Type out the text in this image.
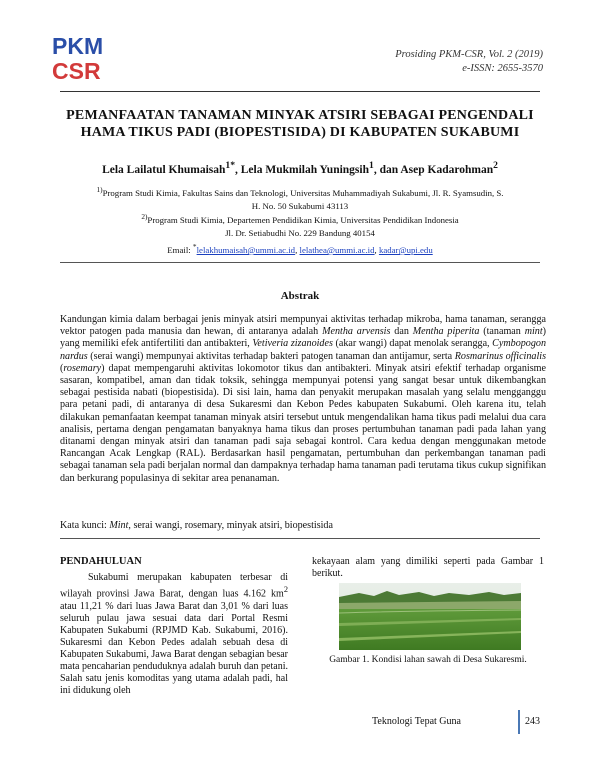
PKM
CSR
Prosiding PKM-CSR, Vol. 2 (2019)
e-ISSN: 2655-3570
PEMANFAATAN TANAMAN MINYAK ATSIRI SEBAGAI PENGENDALI
HAMA TIKUS PADI (BIOPESTISIDA) DI KABUPATEN SUKABUMI
Lela Lailatul Khumaisah$^{1*}$, Lela Mukmilah Yuningsih$^1$, dan Asep Kadarohman$^2$
$^{1)}$Program Studi Kimia, Fakultas Sains dan Teknologi, Universitas Muhammadiyah Sukabumi, Jl. R. Syamsudin, S.
H. No. 50 Sukabumi 43113
$^{2)}$Program Studi Kimia, Departemen Pendidikan Kimia, Universitas Pendidikan Indonesia
Jl. Dr. Setiabudhi No. 229 Bandung 40154
Email: *lelakhumaisah@ummi.ac.id, lelathea@ummi.ac.id, kadar@upi.edu
Abstrak

Kandungan kimia dalam berbagai jenis minyak atsiri mempunyai aktivitas terhadap mikroba, hama tanaman, serangga vektor patogen pada manusia dan hewan, di antaranya adalah Mentha arvensis dan Mentha piperita (tanaman mint) yang memiliki efek antifertiliti dan antibakteri, Vetiveria zizanoides (akar wangi) dapat menolak serangga, Cymbopogon nardus (serai wangi) mempunyai aktivitas terhadap bakteri patogen tanaman dan antijamur, serta Rosmarinus officinalis (rosemary) dapat mempengaruhi aktivitas lokomotor tikus dan antibakteri. Minyak atsiri efektif terhadap organisme sasaran, kompatibel, aman dan tidak toksik, sehingga mempunyai potensi yang sangat besar untuk dikembangkan sebagai pestisida nabati (biopestisida). Di sisi lain, hama dan penyakit merupakan masalah yang selalu mengganggu para petani padi, di antaranya di desa Sukaresmi dan Kebon Pedes kabupaten Sukabumi. Oleh karena itu, telah dilakukan pemanfaatan keempat tanaman minyak atsiri tersebut untuk mengendalikan hama tikus padi melalui dua cara analisis, pertama dengan pengamatan banyaknya hama tikus dan proses pertumbuhan tanaman padi pada lahan yang ditanami dengan minyak atsiri dan tanaman padi saja sebagai kontrol. Cara kedua dengan menggunakan metode Rancangan Acak Lengkap (RAL). Berdasarkan hasil pengamatan, pertumbuhan dan perkembangan tanaman padi sebagai tanaman sela padi berjalan normal dan dampaknya terhadap hama tanaman padi terutama tikus cukup signifikan dan berkurang populasinya di sekitar area penanaman.

Kata kunci: Mint, serai wangi, rosemary, minyak atsiri, biopestisida
PENDAHULUAN

Sukabumi merupakan kabupaten terbesar di wilayah provinsi Jawa Barat, dengan luas 4.162 $km^2$ atau 11,21 % dari luas Jawa Barat dan 3,01 % dari luas seluruh pulau jawa sesuai data dari Portal Resmi Kabupaten Sukabumi (RPJMD Kab. Sukabumi, 2016). Sukaresmi dan Kebon Pedes adalah sebuah desa di Kabupaten Sukabumi, Jawa Barat dengan sebagian besar mata pencaharian penduduknya adalah buruh dan petani. Salah satu jenis komoditas yang utama adalah padi, hal ini didukung oleh

kekayaan alam yang dimiliki seperti pada Gambar 1 berikut.
Gambar 1. Kondisi lahan sawah di Desa Sukaresmi.
Teknologi Tepat Guna	243
